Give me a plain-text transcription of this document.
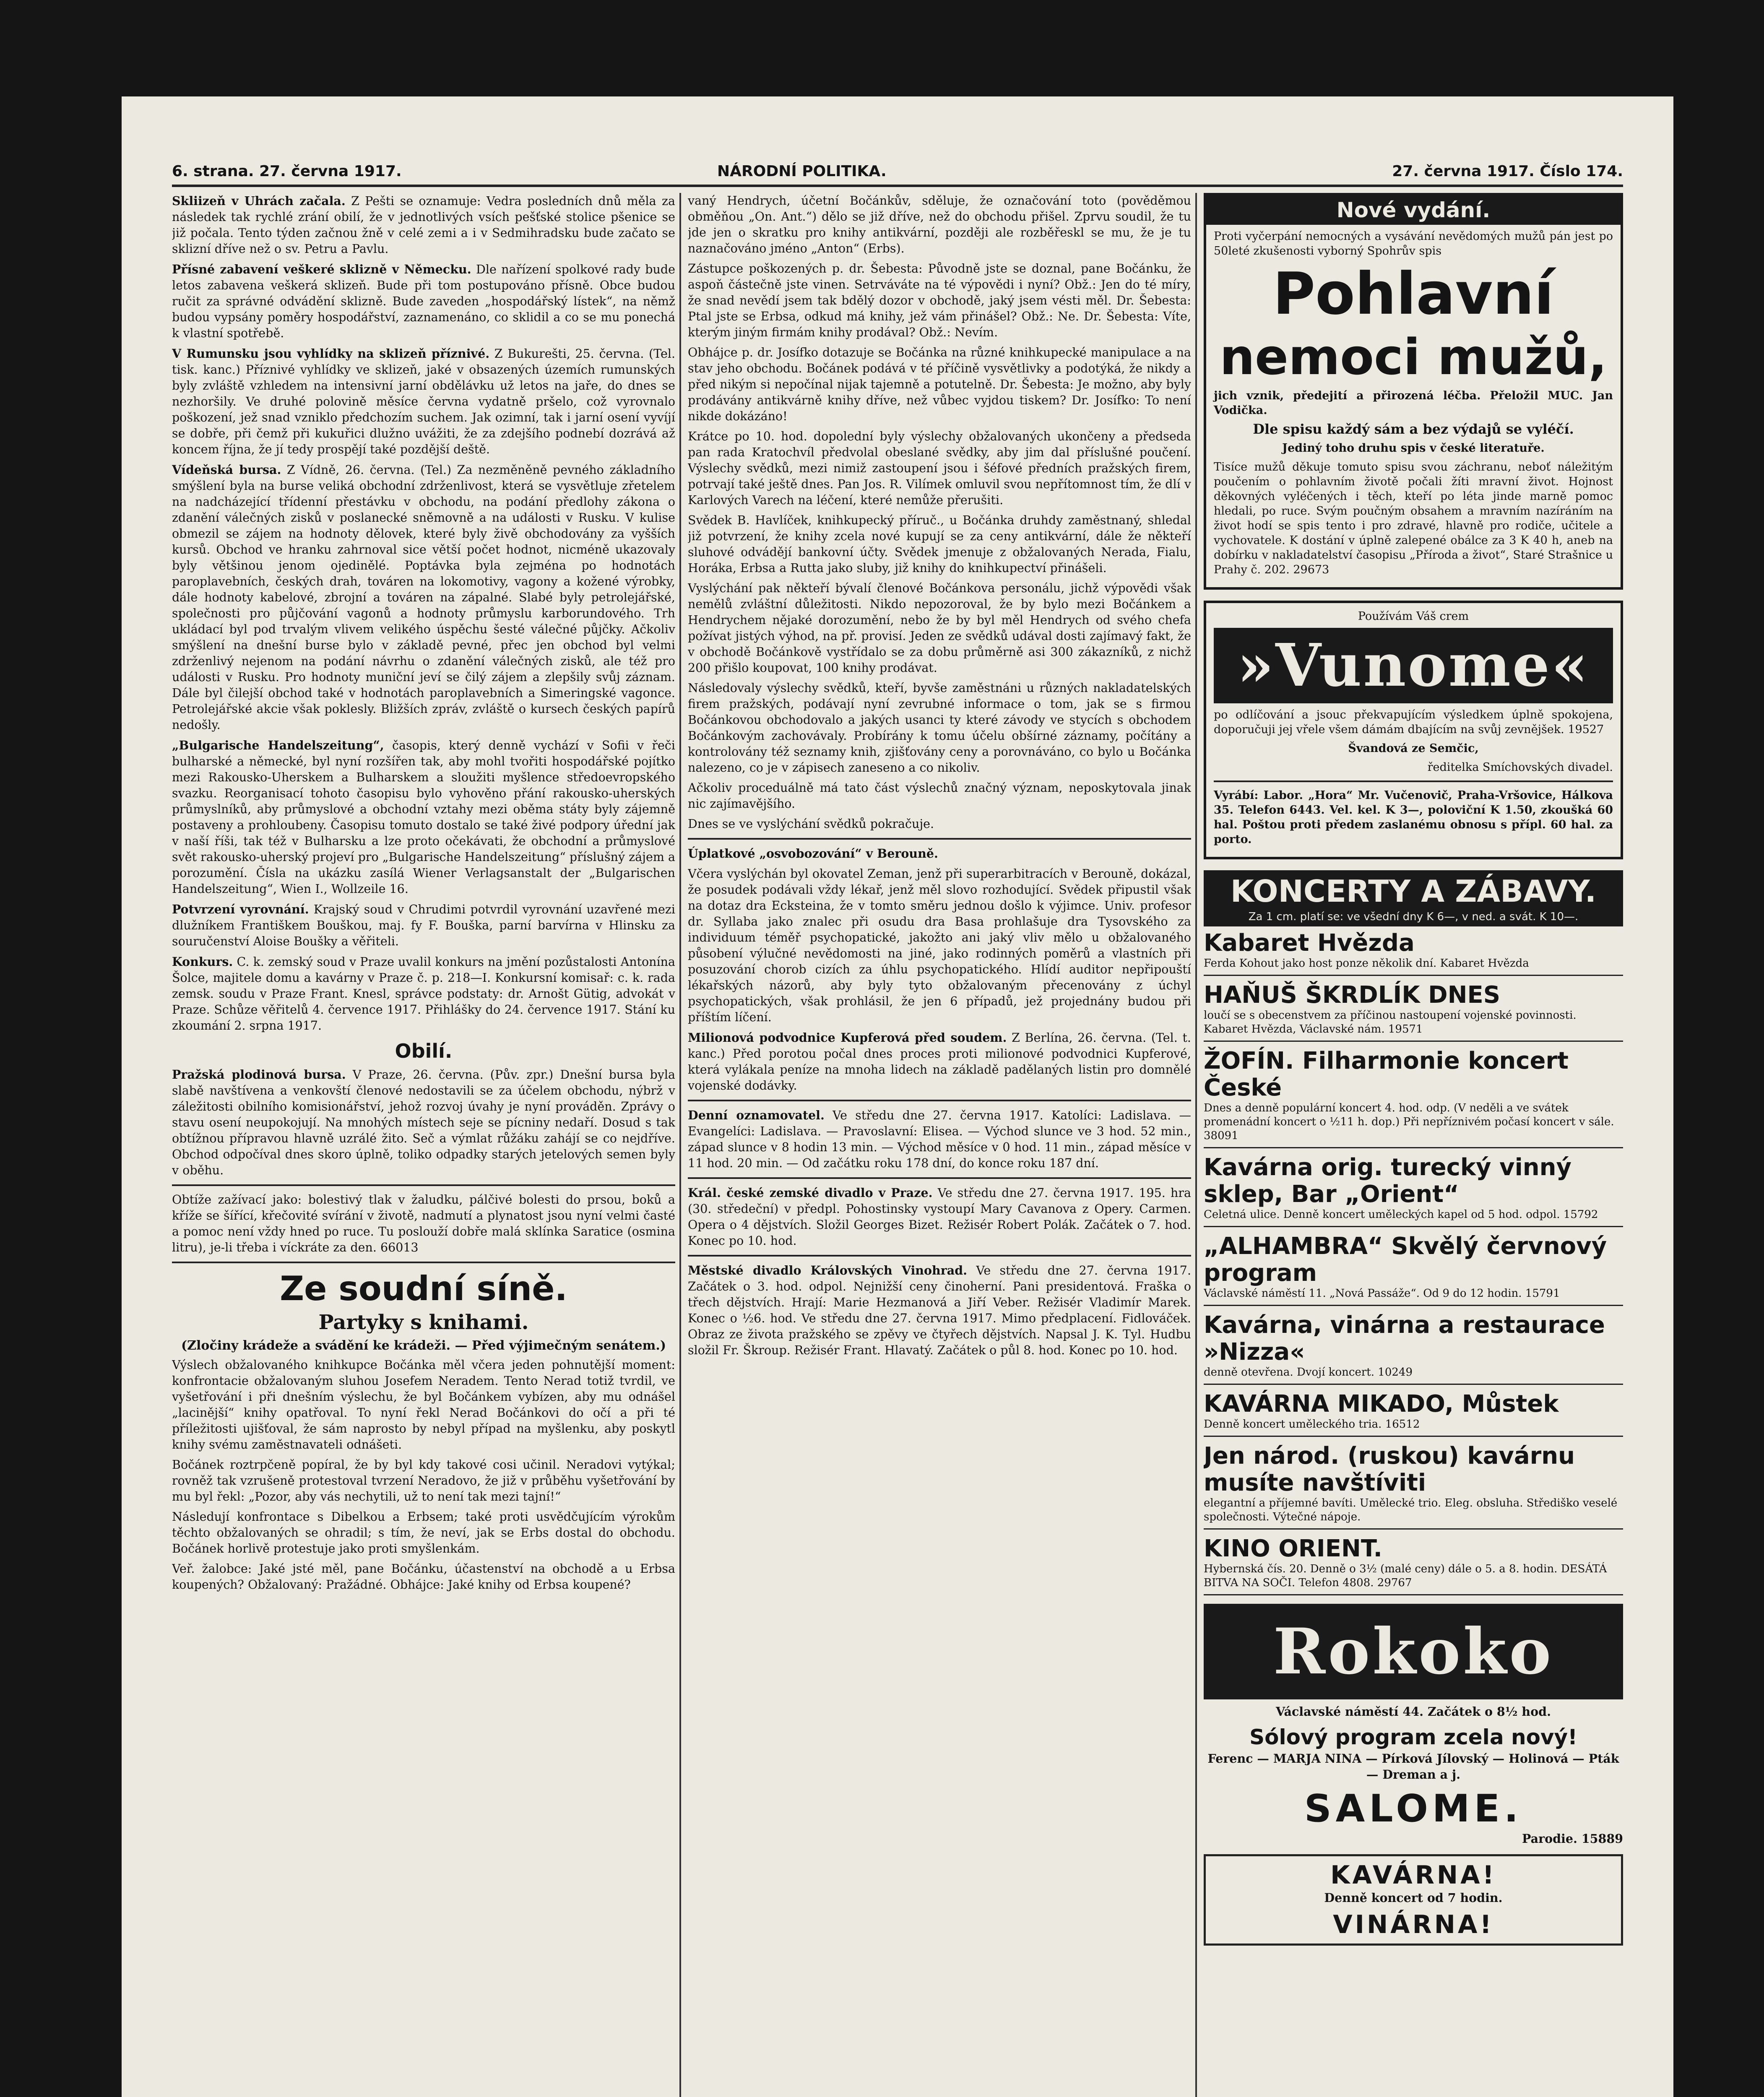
6. strana. 27. června 1917.	NÁRODNÍ POLITIKA.	27. června 1917. Číslo 174.

Skliizeň v Uhrách začala. Z Pešti se oznamuje: Vedra posledních dnů měla za následek tak rychlé zrání obilí, že v jednotlivých vsích pešťské stolice pšenice se již počala. Tento týden začnou žně v celé zemi a i v Sedmihradsku bude začato se sklizní dříve než o sv. Petru a Pavlu.

Přísné zabavení veškeré sklizně v Německu. Dle nařízení spolkové rady bude letos zabavena veškerá sklizeň. Bude při tom postupováno přísně. Obce budou ručit za správné odvádění sklizně. Bude zaveden „hospodářský lístek“, na němž budou vypsány poměry hospodářství, zaznamenáno, co sklidil a co se mu ponechá k vlastní spotřebě.

V Rumunsku jsou vyhlídky na sklizeň příznivé. Z Bukurešti, 25. června. (Tel. tisk. kanc.) Příznivé vyhlídky ve sklizeň, jaké v obsazených územích rumunských byly zvláště vzhledem na intensivní jarní obdělávku už letos na jaře, do dnes se nezhoršily. Ve druhé polovině měsíce června vydatně pršelo, což vyrovnalo poškození, jež snad vzniklo předchozím suchem. Jak ozimní, tak i jarní osení vyvíjí se dobře, při čemž při kukuřici dlužno uvážiti, že za zdejšího podnebí dozrává až koncem října, že jí tedy prospějí také pozdější deště.

Vídeňská bursa. Z Vídně, 26. června. (Tel.) Za nezměněně pevného základního smýšlení byla na burse veliká obchodní zdrženlivost, která se vysvětluje zřetelem na nadcházející třídenní přestávku v obchodu, na podání předlohy zákona o zdanění válečných zisků v poslanecké sněmovně a na události v Rusku. V kulise obmezil se zájem na hodnoty dělovek, které byly živě obchodovány za vyšších kursů. Obchod ve hranku zahrnoval sice větší počet hodnot, nicméně ukazovaly byly většinou jenom ojedinělé. Poptávka byla zejména po hodnotách paroplavebních, českých drah, továren na lokomotivy, vagony a kožené výrobky, dále hodnoty kabelové, zbrojní a továren na zápalné. Slabé byly petrolejářské, společnosti pro půjčování vagonů a hodnoty průmyslu karborundového. Trh ukládací byl pod trvalým vlivem velikého úspěchu šesté válečné půjčky. Ačkoliv smýšlení na dnešní burse bylo v základě pevné, přec jen obchod byl velmi zdrženlivý nejenom na podání návrhu o zdanění válečných zisků, ale též pro události v Rusku. Pro hodnoty muniční jeví se čilý zájem a zlepšily svůj záznam. Dále byl čilejší obchod také v hodnotách paroplavebních a Simeringské vagonce. Petrolejářské akcie však poklesly. Bližších zpráv, zvláště o kursech českých papírů nedošly.

„Bulgarische Handelszeitung“, časopis, který denně vychází v Sofii v řeči bulharské a německé, byl nyní rozšířen tak, aby mohl tvořiti hospodářské pojítko mezi Rakousko-Uherskem a Bulharskem a sloužiti myšlence středoevropského svazku. Reorganisací tohoto časopisu bylo vyhověno přání rakousko-uherských průmyslníků, aby průmyslové a obchodní vztahy mezi oběma státy byly zájemně postaveny a prohloubeny. Časopisu tomuto dostalo se také živé podpory úřední jak v naší říši, tak též v Bulharsku a lze proto očekávati, že obchodní a průmyslové svět rakousko-uherský projeví pro „Bulgarische Handelszeitung“ příslušný zájem a porozumění. Čísla na ukázku zasílá Wiener Verlagsanstalt der „Bulgarischen Handelszeitung“, Wien I., Wollzeile 16.

Potvrzení vyrovnání. Krajský soud v Chrudimi potvrdil vyrovnání uzavřené mezi dlužníkem Františkem Bouškou, maj. fy F. Bouška, parní barvírna v Hlinsku za souručenství Aloise Boušky a věřiteli.

Konkurs. C. k. zemský soud v Praze uvalil konkurs na jmění pozůstalosti Antonína Šolce, majitele domu a kavárny v Praze č. p. 218—I. Konkursní komisař: c. k. rada zemsk. soudu v Praze Frant. Knesl, správce podstaty: dr. Arnošt Gütig, advokát v Praze. Schůze věřitelů 4. července 1917. Přihlášky do 24. července 1917. Stání ku zkoumání 2. srpna 1917.

Obilí.

Pražská plodinová bursa. V Praze, 26. června. (Pův. zpr.) Dnešní bursa byla slabě navštívena a venkovští členové nedostavili se za účelem obchodu, nýbrž v záležitosti obilního komisionářství, jehož rozvoj úvahy je nyní prováděn. Zprávy o stavu osení neupokojují. Na mnohých místech seje se pícniny nedaří. Dosud s tak obtížnou přípravou hlavně uzrálé žito. Seč a výmlat růžáku zahájí se co nejdříve. Obchod odpočíval dnes skoro úplně, toliko odpadky starých jetelových semen byly v oběhu.

Obtíže zažívací jako: bolestivý tlak v žaludku, pálčivé bolesti do prsou, boků a kříže se šířící, křečovité svírání v životě, nadmutí a plynatost jsou nyní velmi časté a pomoc není vždy hned po ruce. Tu poslouží dobře malá sklínka Saratice (osmina litru), je-li třeba i víckráte za den. 66013

Ze soudní síně.
Partyky s knihami.
(Zločiny krádeže a svádění ke krádeži. — Před výjimečným senátem.)

Výslech obžalovaného knihkupce Bočánka měl včera jeden pohnutější moment: konfrontacie obžalovaným sluhou Josefem Neradem. Tento Nerad totiž tvrdil, ve vyšetřování i při dnešním výslechu, že byl Bočánkem vybízen, aby mu odnášel „lacinější“ knihy opatřoval. To nyní řekl Nerad Bočánkovi do očí a při té příležitosti ujišťoval, že sám naprosto by nebyl případ na myšlenku, aby poskytl knihy svému zaměstnavateli odnášeti.

Bočánek roztrpčeně popíral, že by byl kdy takové cosi učinil. Neradovi vytýkal; rovněž tak vzrušeně protestoval tvrzení Neradovo, že již v průběhu vyšetřování by mu byl řekl: „Pozor, aby vás nechytili, už to není tak mezi tajní!“

Následují konfrontace s Dibelkou a Erbsem; také proti usvědčujícím výrokům těchto obžalovaných se ohradil; s tím, že neví, jak se Erbs dostal do obchodu. Bočánek horlivě protestuje jako proti smyšlenkám.

Veř. žalobce: Jaké jsté měl, pane Bočánku, účastenství na obchodě a u Erbsa koupených? Obžalovaný: Pražádné. Obhájce: Jaké knihy od Erbsa koupené?

vaný Hendrych, účetní Bočánkův, sděluje, že označování toto (pověděmou obměňou „On. Ant.“) dělo se již dříve, než do obchodu přišel. Zprvu soudil, že tu jde jen o skratku pro knihy antikvární, později ale rozběřeskl se mu, že je tu naznačováno jméno „Anton“ (Erbs).

Zástupce poškozených p. dr. Šebesta: Původně jste se doznal, pane Bočánku, že aspoň částečně jste vinen. Setrváváte na té výpovědi i nyní? Obž.: Jen do té míry, že snad nevědí jsem tak bdělý dozor v obchodě, jaký jsem vésti měl. Dr. Šebesta: Ptal jste se Erbsa, odkud má knihy, jež vám přinášel? Obž.: Ne. Dr. Šebesta: Víte, kterým jiným firmám knihy prodával? Obž.: Nevím.

Obhájce p. dr. Josífko dotazuje se Bočánka na různé knihkupecké manipulace a na stav jeho obchodu. Bočánek podává v té příčině vysvětlivky a podotýká, že nikdy a před nikým si nepočínal nijak tajemně a potutelně. Dr. Šebesta: Je možno, aby byly prodávány antikvárně knihy dříve, než vůbec vyjdou tiskem? Dr. Josífko: To není nikde dokázáno!

Krátce po 10. hod. dopolední byly výslechy obžalovaných ukončeny a předseda pan rada Kratochvíl předvolal obeslané svědky, aby jim dal příslušné poučení. Výslechy svědků, mezi nimiž zastoupení jsou i šéfové předních pražských firem, potrvají také ještě dnes. Pan Jos. R. Vilímek omluvil svou nepřítomnost tím, že dlí v Karlových Varech na léčení, které nemůže přerušiti.

Svědek B. Havlíček, knihkupecký příruč., u Bočánka druhdy zaměstnaný, shledal již potvrzení, že knihy zcela nové kupují se za ceny antikvární, dále že někteří sluhové odvádějí bankovní účty. Svědek jmenuje z obžalovaných Nerada, Fialu, Horáka, Erbsa a Rutta jako sluby, již knihy do knihkupectví přinášeli.

Vyslýchání pak někteří bývalí členové Bočánkova personálu, jichž výpovědi však nemělů zvláštní důležitosti. Nikdo nepozoroval, že by bylo mezi Bočánkem a Hendrychem nějaké dorozumění, nebo že by byl měl Hendrych od svého chefa požívat jistých výhod, na př. provisí. Jeden ze svědků udával dosti zajímavý fakt, že v obchodě Bočánkově vystřídalo se za dobu průměrně asi 300 zákazníků, z nichž 200 přišlo koupovat, 100 knihy prodávat.

Následovaly výslechy svědků, kteří, byvše zaměstnáni u různých nakladatelských firem pražských, podávají nyní zevrubné informace o tom, jak se s firmou Bočánkovou obchodovalo a jakých usanci ty které závody ve stycích s obchodem Bočánkovým zachovávaly. Probírány k tomu účelu obšírné záznamy, počítány a kontrolovány též seznamy knih, zjišťovány ceny a porovnáváno, co bylo u Bočánka nalezeno, co je v zápisech zaneseno a co nikoliv.

Ačkoliv proceduálně má tato část výslechů značný význam, neposkytovala jinak nic zajímavějšího.

Dnes se ve vyslýchání svědků pokračuje.

Úplatkové „osvobozování“ v Berouně.

Včera vyslýchán byl okovatel Zeman, jenž při superarbitracích v Berouně, dokázal, že posudek podávali vždy lékař, jenž měl slovo rozhodující. Svědek připustil však na dotaz dra Ecksteina, že v tomto směru jednou došlo k výjimce. Univ. profesor dr. Syllaba jako znalec při osudu dra Basa prohlašuje dra Tysovského za individuum téměř psychopatické, jakožto ani jaký vliv mělo u obžalovaného působení výlučné nevědomosti na jiné, jako rodinných poměrů a vlastních při posuzování chorob cizích za úhlu psychopatického. Hlídí auditor nepřipouští lékařských názorů, aby byly tyto obžalovaným přecenovány z úchyl psychopatických, však prohlásil, že jen 6 případů, jež projednány budou při příštím líčení.

Milionová podvodnice Kupferová před soudem. Z Berlína, 26. června. (Tel. t. kanc.) Před porotou počal dnes proces proti milionové podvodnici Kupferové, která vylákala peníze na mnoha lidech na základě padělaných listin pro domnělé vojenské dodávky.

Denní oznamovatel. Ve středu dne 27. června 1917. Katolíci: Ladislava. — Evangelíci: Ladislava. — Pravoslavní: Elisea. — Východ slunce ve 3 hod. 52 min., západ slunce v 8 hodin 13 min. — Východ měsíce v 0 hod. 11 min., západ měsíce v 11 hod. 20 min. — Od začátku roku 178 dní, do konce roku 187 dní.

Král. české zemské divadlo v Praze. Ve středu dne 27. června 1917. 195. hra (30. středeční) v předpl. Pohostinsky vystoupí Mary Cavanova z Opery. Carmen. Opera o 4 dějstvích. Složil Georges Bizet. Režisér Robert Polák. Začátek o 7. hod. Konec po 10. hod.

Městské divadlo Královských Vinohrad. Ve středu dne 27. června 1917. Začátek o 3. hod. odpol. Nejnižší ceny činoherní. Pani presidentová. Fraška o třech dějstvích. Hrají: Marie Hezmanová a Jiří Veber. Režisér Vladimír Marek. Konec o ½6. hod. Ve středu dne 27. června 1917. Mimo předplacení. Fidlováček. Obraz ze života pražského se zpěvy ve čtyřech dějstvích. Napsal J. K. Tyl. Hudbu složil Fr. Škroup. Režisér Frant. Hlavatý. Začátek o půl 8. hod. Konec po 10. hod.

Nové vydání.

Proti vyčerpání nemocných a vysávání nevědomých mužů pán jest po 50leté zkušenosti vyborný Spohrův spis

Pohlavní
nemoci mužů,

jich vznik, předejití a přirozená léčba. Přeložil MUC. Jan Vodička.

Dle spisu každý sám a bez výdajů se vyléčí.

Jediný toho druhu spis v české literatuře.

Tisíce mužů děkuje tomuto spisu svou záchranu, neboť náležitým poučením o pohlavním životě počali žíti mravní život. Hojnost děkovných vyléčených i těch, kteří po léta jinde marně pomoc hledali, po ruce. Svým poučným obsahem a mravním nazíráním na život hodí se spis tento i pro zdravé, hlavně pro rodiče, učitele a vychovatele. K dostání v úplně zalepené obálce za 3 K 40 h, aneb na dobírku v nakladatelství časopisu „Příroda a život“, Staré Strašnice u Prahy č. 202. 29673

Používám Váš crem

»Vunome«

po odlíčování a jsouc překvapujícím výsledkem úplně spokojena, doporučuji jej vřele všem dámám dbajícím na svůj zevnějšek. 19527

Švandová ze Semčic,

ředitelka Smíchovských divadel.

Vyrábí: Labor. „Hora“ Mr. Vučenovič, Praha-Vršovice, Hálkova 35. Telefon 6443. Vel. kel. K 3—, poloviční K 1.50, zkoušká 60 hal. Poštou proti předem zaslanému obnosu s přípl. 60 hal. za porto.

KONCERTY A ZÁBAVY.
Za 1 cm. platí se: ve všední dny K 6—, v ned. a svát. K 10—.
Kabaret Hvězda
Ferda Kohout jako host ponze několik dní. Kabaret Hvězda
HAŇUŠ ŠKRDLÍK DNES
loučí se s obecenstvem za příčinou nastoupení vojenské povinnosti. Kabaret Hvězda, Václavské nám. 19571
ŽOFÍN. Filharmonie koncert České
Dnes a denně populární koncert 4. hod. odp. (V neděli a ve svátek promenádní koncert o ½11 h. dop.) Při nepříznivém počasí koncert v sále. 38091
Kavárna orig. turecký vinný sklep, Bar „Orient“
Celetná ulice. Denně koncert uměleckých kapel od 5 hod. odpol. 15792
„ALHAMBRA“ Skvělý červnový program
Václavské náměstí 11. „Nová Passáže“. Od 9 do 12 hodin. 15791
Kavárna, vinárna a restaurace »Nizza«
denně otevřena. Dvojí koncert. 10249
KAVÁRNA MIKADO, Můstek
Denně koncert uměleckého tria. 16512
Jen národ. (ruskou) kavárnu musíte navštíviti
elegantní a příjemné bavíti. Umělecké trio. Eleg. obsluha. Střediško veselé společnosti. Výtečné nápoje.
KINO ORIENT.
Hybernská čís. 20. Denně o 3½ (malé ceny) dále o 5. a 8. hodin. DESÁTÁ BITVA NA SOČI. Telefon 4808. 29767
Rokoko

Václavské náměstí 44. Začátek o 8½ hod.

Sólový program zcela nový!

Ferenc — MARJA NINA — Pírková Jílovský — Holinová — Pták — Dreman a j.

SALOME.

Parodie. 15889

KAVÁRNA!

Denně koncert od 7 hodin.

VINÁRNA!
